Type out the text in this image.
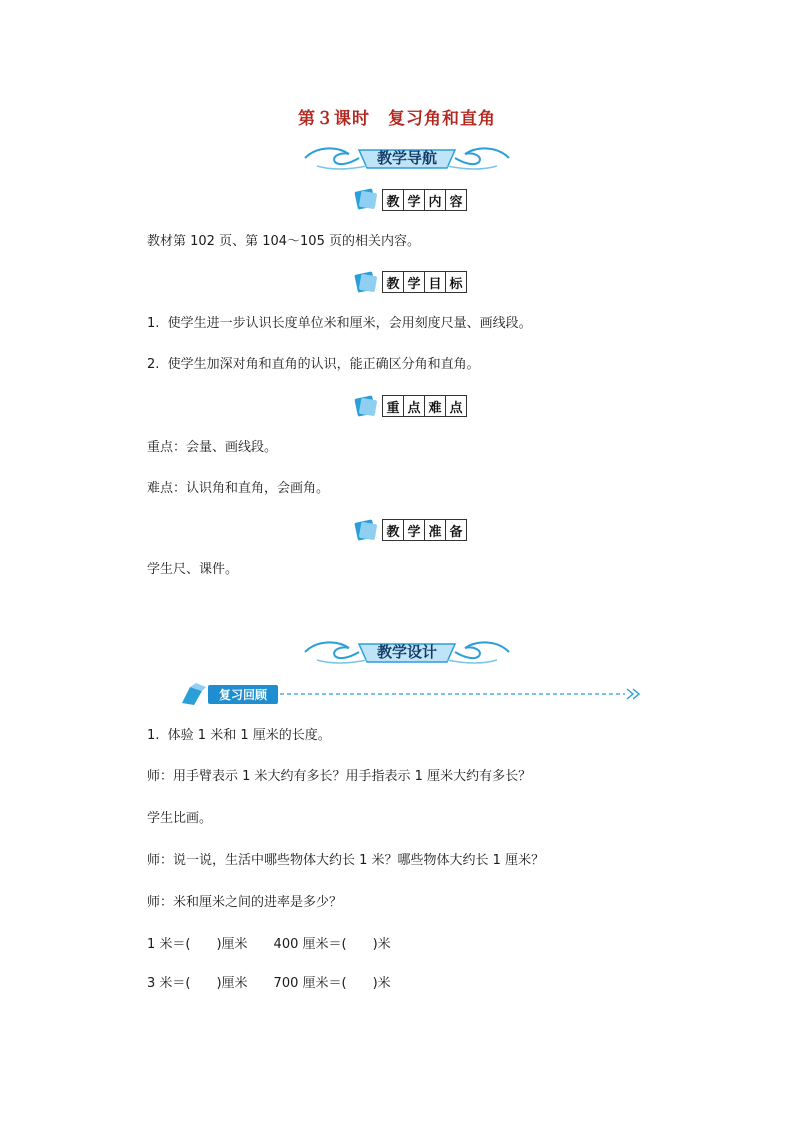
第３课时　复习角和直角
教学导航
教 学 内 容
教材第 102 页、第 104～105 页的相关内容。
教 学 目 标
1.  使学生进一步认识长度单位米和厘米，会用刻度尺量、画线段。
2.  使学生加深对角和直角的认识，能正确区分角和直角。
重 点 难 点
重点：会量、画线段。
难点：认识角和直角，会画角。
教 学 准 备
学生尺、课件。
教学设计
复习回顾
1.  体验 1 米和 1 厘米的长度。
师：用手臂表示 1 米大约有多长？用手指表示 1 厘米大约有多长？
学生比画。
师：说一说，生活中哪些物体大约长 1 米？哪些物体大约长 1 厘米？
师：米和厘米之间的进率是多少？
1 米＝(　　)厘米　　400 厘米＝(　　)米
3 米＝(　　)厘米　　700 厘米＝(　　)米
